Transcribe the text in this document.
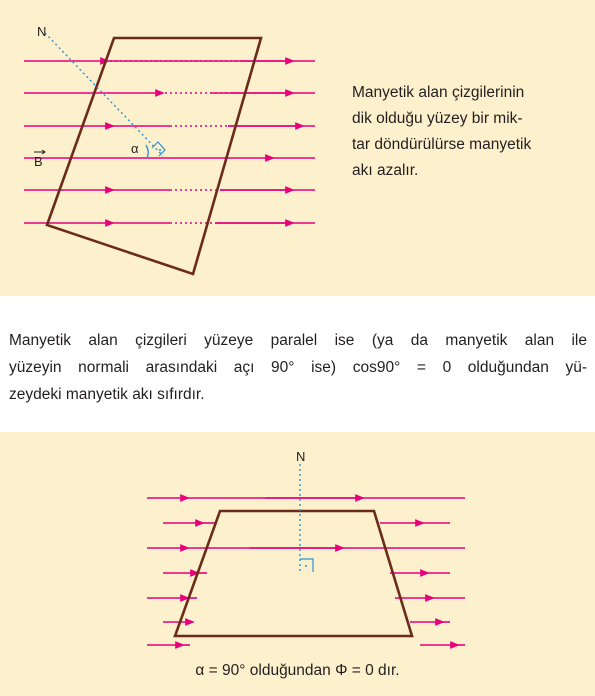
N
α
B
Manyetik alan çizgilerinin
dik olduğu yüzey bir mik-
tar döndürülürse manyetik
akı azalır.
Manyetik alan çizgileri yüzeye paralel ise (ya da manyetik alan ile
yüzeyin normali arasındaki açı 90° ise) cos90° = 0 olduğundan yü-
zeydeki manyetik akı sıfırdır.
N
α = 90° olduğundan Φ = 0 dır.
